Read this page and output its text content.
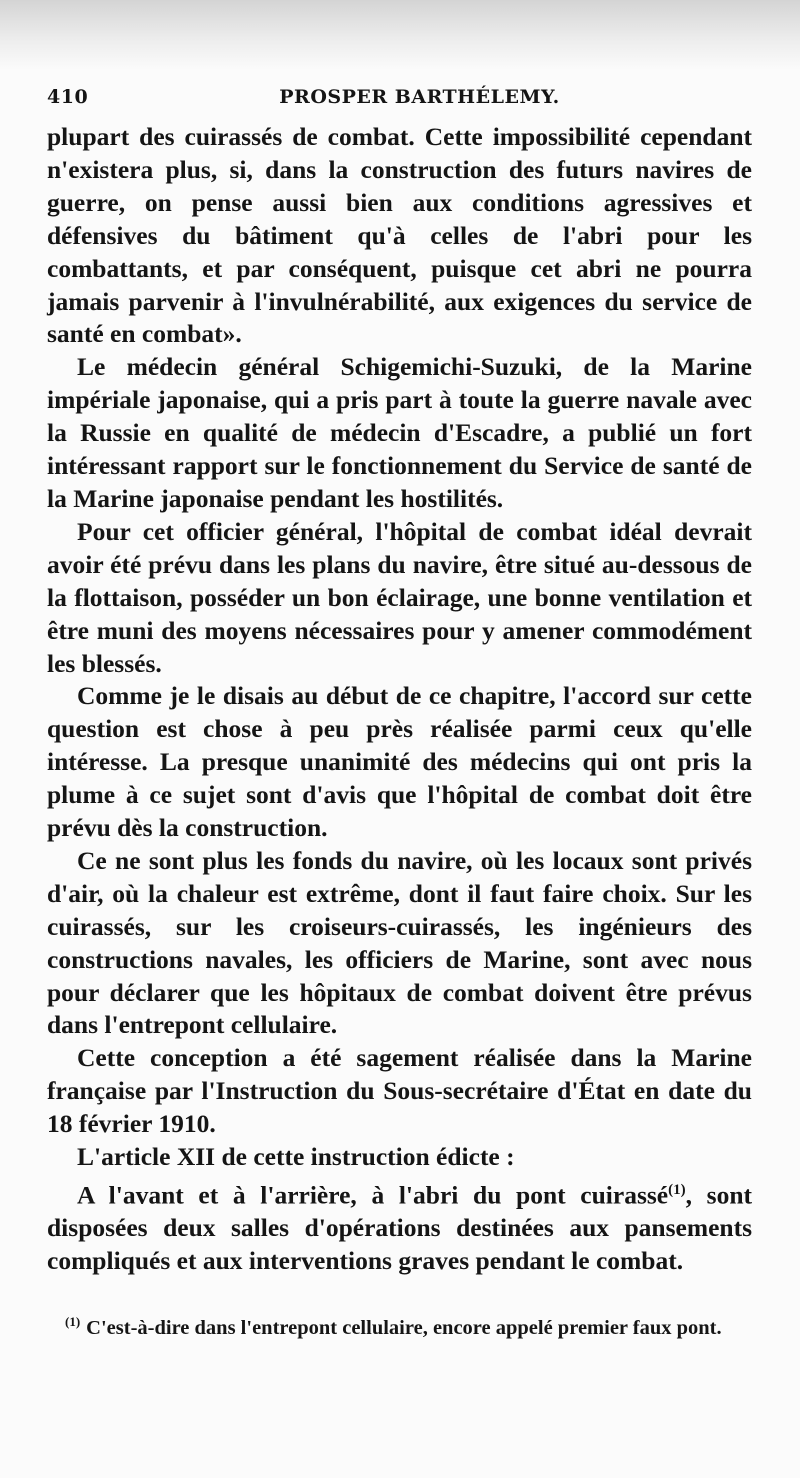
410	PROSPER BARTHÉLEMY.

plupart des cuirassés de combat. Cette impossibilité cependant n'existera plus, si, dans la construction des futurs navires de guerre, on pense aussi bien aux conditions agressives et défensives du bâtiment qu'à celles de l'abri pour les combattants, et par conséquent, puisque cet abri ne pourra jamais parvenir à l'invulnérabilité, aux exigences du service de santé en combat».

Le médecin général Schigemichi-Suzuki, de la Marine impériale japonaise, qui a pris part à toute la guerre navale avec la Russie en qualité de médecin d'Escadre, a publié un fort intéressant rapport sur le fonctionnement du Service de santé de la Marine japonaise pendant les hostilités.

Pour cet officier général, l'hôpital de combat idéal devrait avoir été prévu dans les plans du navire, être situé au-dessous de la flottaison, posséder un bon éclairage, une bonne ventilation et être muni des moyens nécessaires pour y amener commodément les blessés.

Comme je le disais au début de ce chapitre, l'accord sur cette question est chose à peu près réalisée parmi ceux qu'elle intéresse. La presque unanimité des médecins qui ont pris la plume à ce sujet sont d'avis que l'hôpital de combat doit être prévu dès la construction.

Ce ne sont plus les fonds du navire, où les locaux sont privés d'air, où la chaleur est extrême, dont il faut faire choix. Sur les cuirassés, sur les croiseurs-cuirassés, les ingénieurs des constructions navales, les officiers de Marine, sont avec nous pour déclarer que les hôpitaux de combat doivent être prévus dans l'entrepont cellulaire.

Cette conception a été sagement réalisée dans la Marine française par l'Instruction du Sous-secrétaire d'État en date du 18 février 1910.

L'article XII de cette instruction édicte :

A l'avant et à l'arrière, à l'abri du pont cuirassé$^{(1)}$, sont disposées deux salles d'opérations destinées aux pansements compliqués et aux interventions graves pendant le combat.

$^{(1)}$ C'est-à-dire dans l'entrepont cellulaire, encore appelé premier faux pont.
